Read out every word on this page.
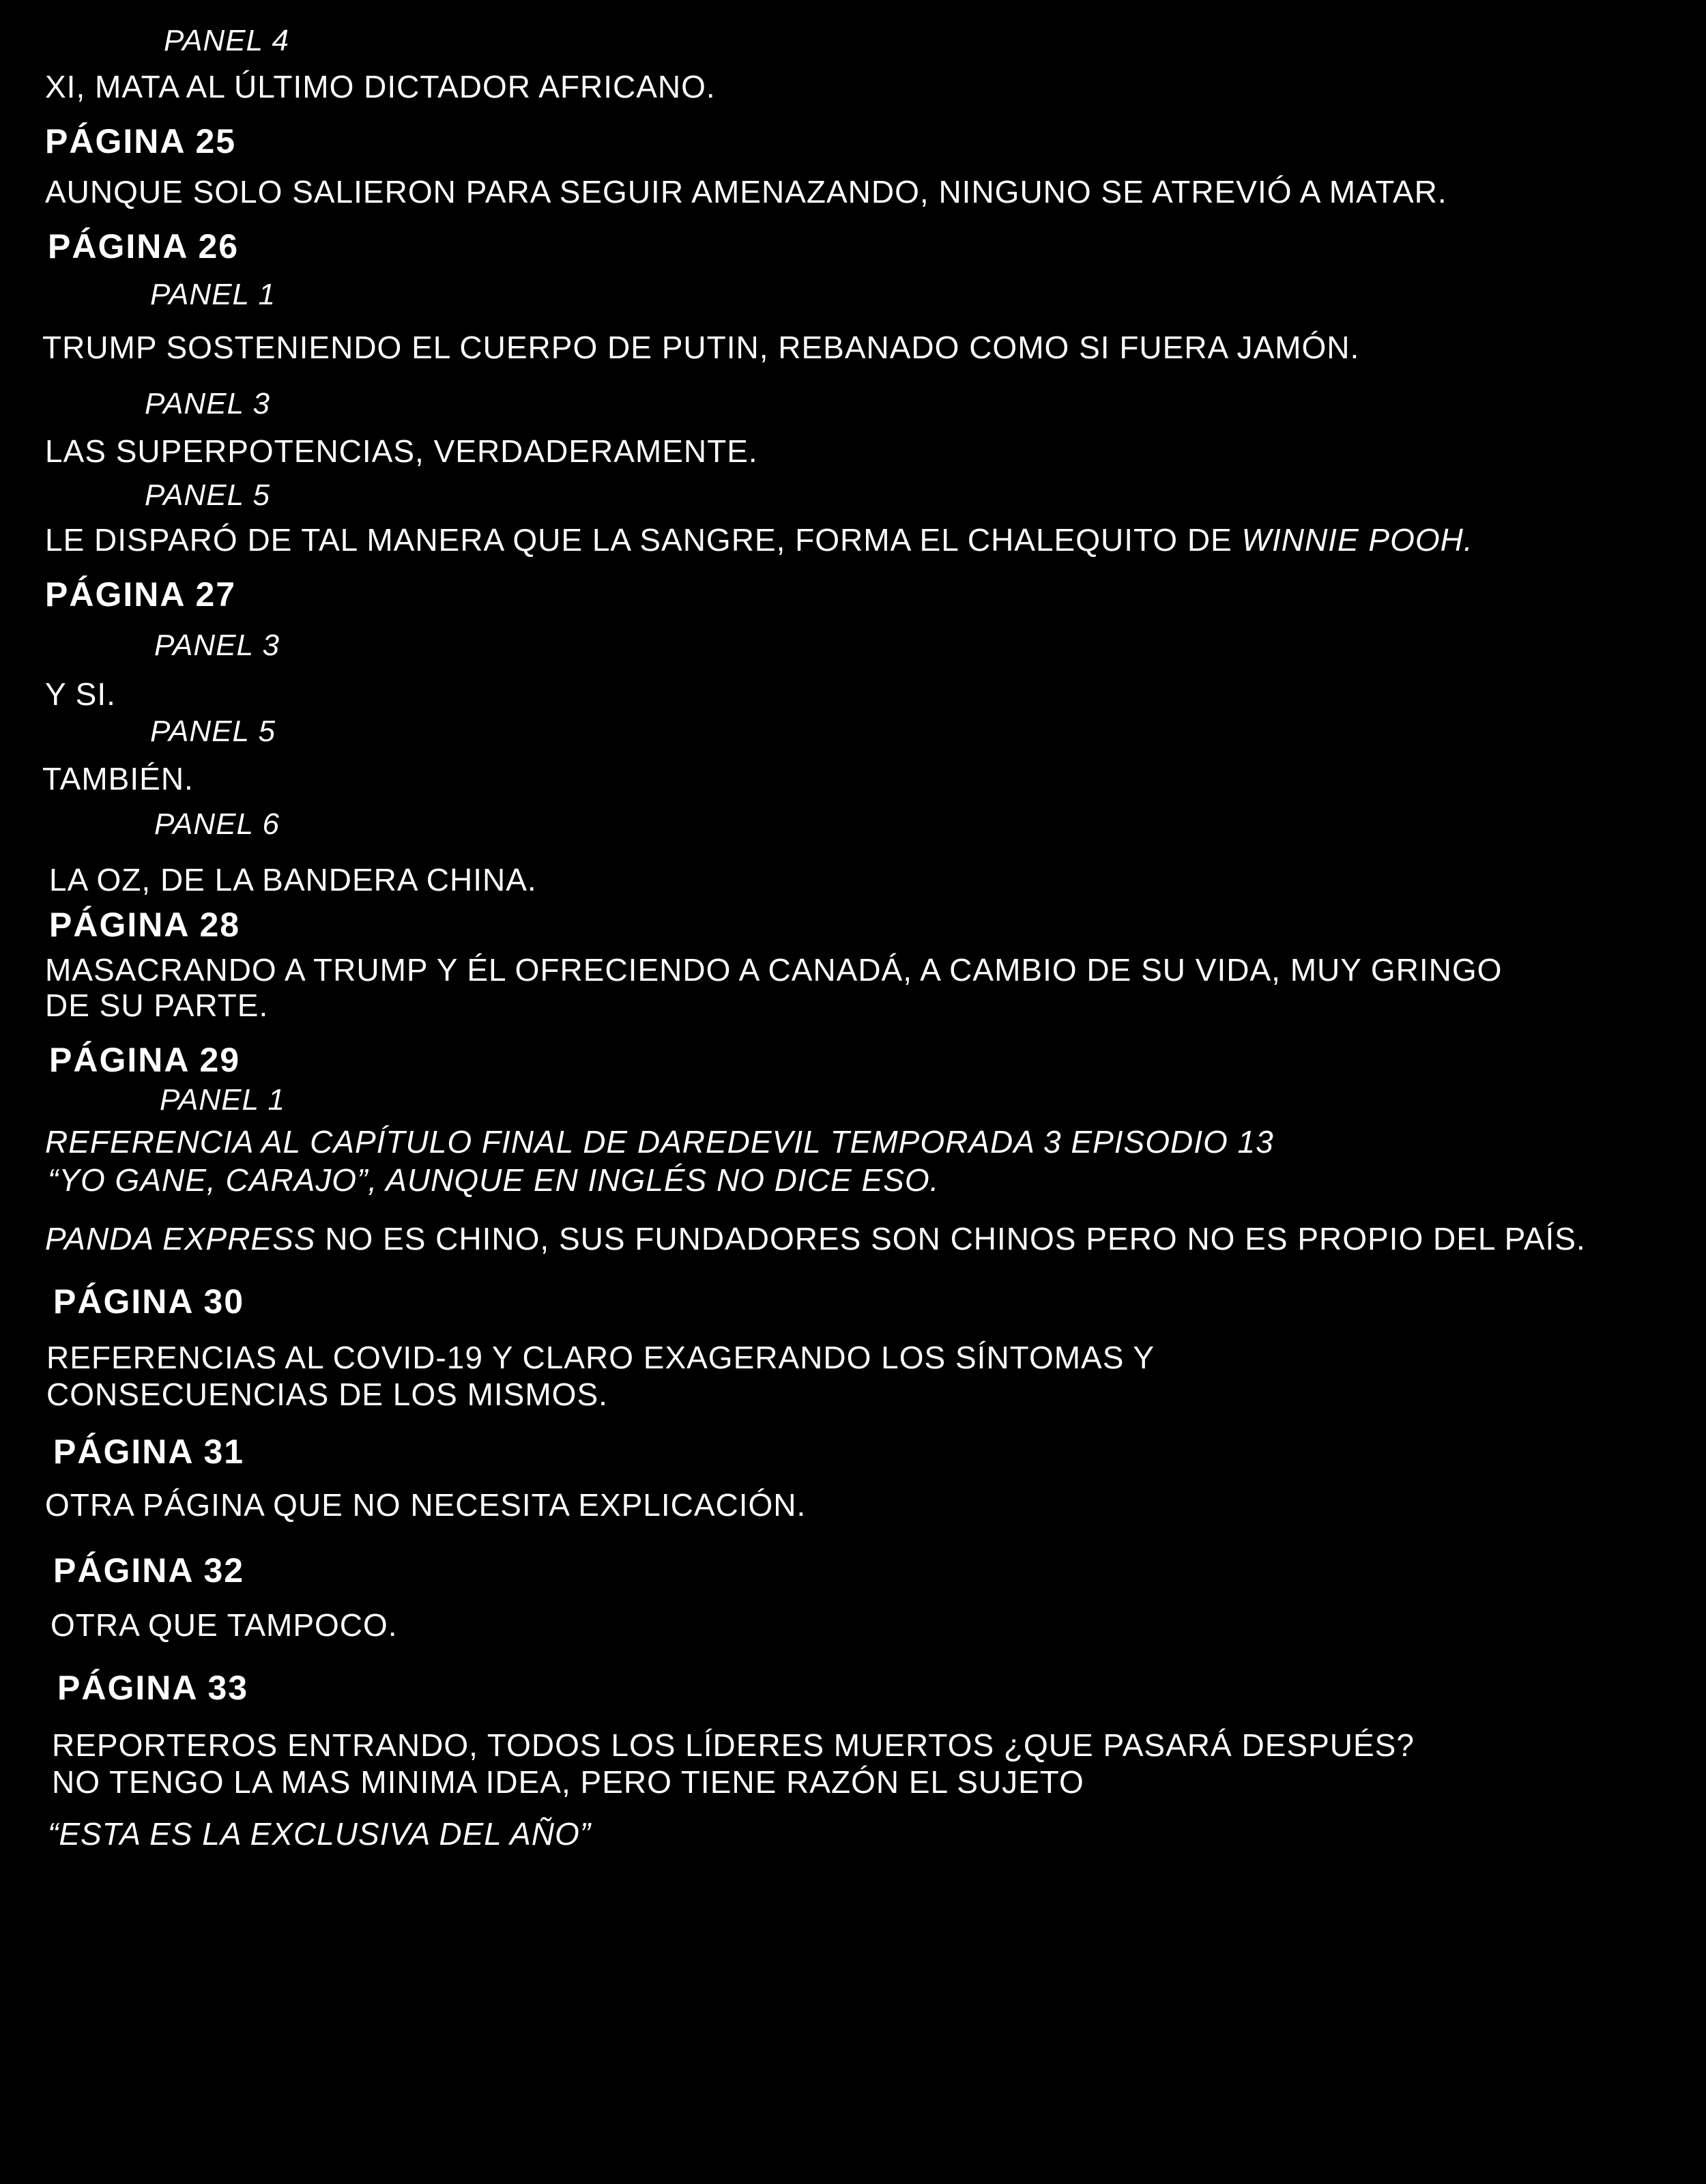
PANEL 4
XI, MATA AL ÚLTIMO DICTADOR AFRICANO.
PÁGINA 25
AUNQUE SOLO SALIERON PARA SEGUIR AMENAZANDO, NINGUNO SE ATREVIÓ A MATAR.
PÁGINA 26
PANEL 1
TRUMP SOSTENIENDO EL CUERPO DE PUTIN, REBANADO COMO SI FUERA JAMÓN.
PANEL 3
LAS SUPERPOTENCIAS, VERDADERAMENTE.
PANEL 5
LE DISPARÓ DE TAL MANERA QUE LA SANGRE, FORMA EL CHALEQUITO DE WINNIE POOH.
PÁGINA 27
PANEL 3
Y SI.
PANEL 5
TAMBIÉN.
PANEL 6
LA OZ, DE LA BANDERA CHINA.
PÁGINA 28
MASACRANDO A TRUMP Y ÉL OFRECIENDO A CANADÁ, A CAMBIO DE SU VIDA, MUY GRINGO
DE SU PARTE.
PÁGINA 29
PANEL 1
REFERENCIA AL CAPÍTULO FINAL DE DAREDEVIL TEMPORADA 3 EPISODIO 13
“YO GANE, CARAJO”, AUNQUE EN INGLÉS NO DICE ESO.
PANDA EXPRESS NO ES CHINO, SUS FUNDADORES SON CHINOS PERO NO ES PROPIO DEL PAÍS.
PÁGINA 30
REFERENCIAS AL COVID-19 Y CLARO EXAGERANDO LOS SÍNTOMAS Y
CONSECUENCIAS DE LOS MISMOS.
PÁGINA 31
OTRA PÁGINA QUE NO NECESITA EXPLICACIÓN.
PÁGINA 32
OTRA QUE TAMPOCO.
PÁGINA 33
REPORTEROS ENTRANDO, TODOS LOS LÍDERES MUERTOS ¿QUE PASARÁ DESPUÉS?
NO TENGO LA MAS MINIMA IDEA, PERO TIENE RAZÓN EL SUJETO
“ESTA ES LA EXCLUSIVA DEL AÑO”
